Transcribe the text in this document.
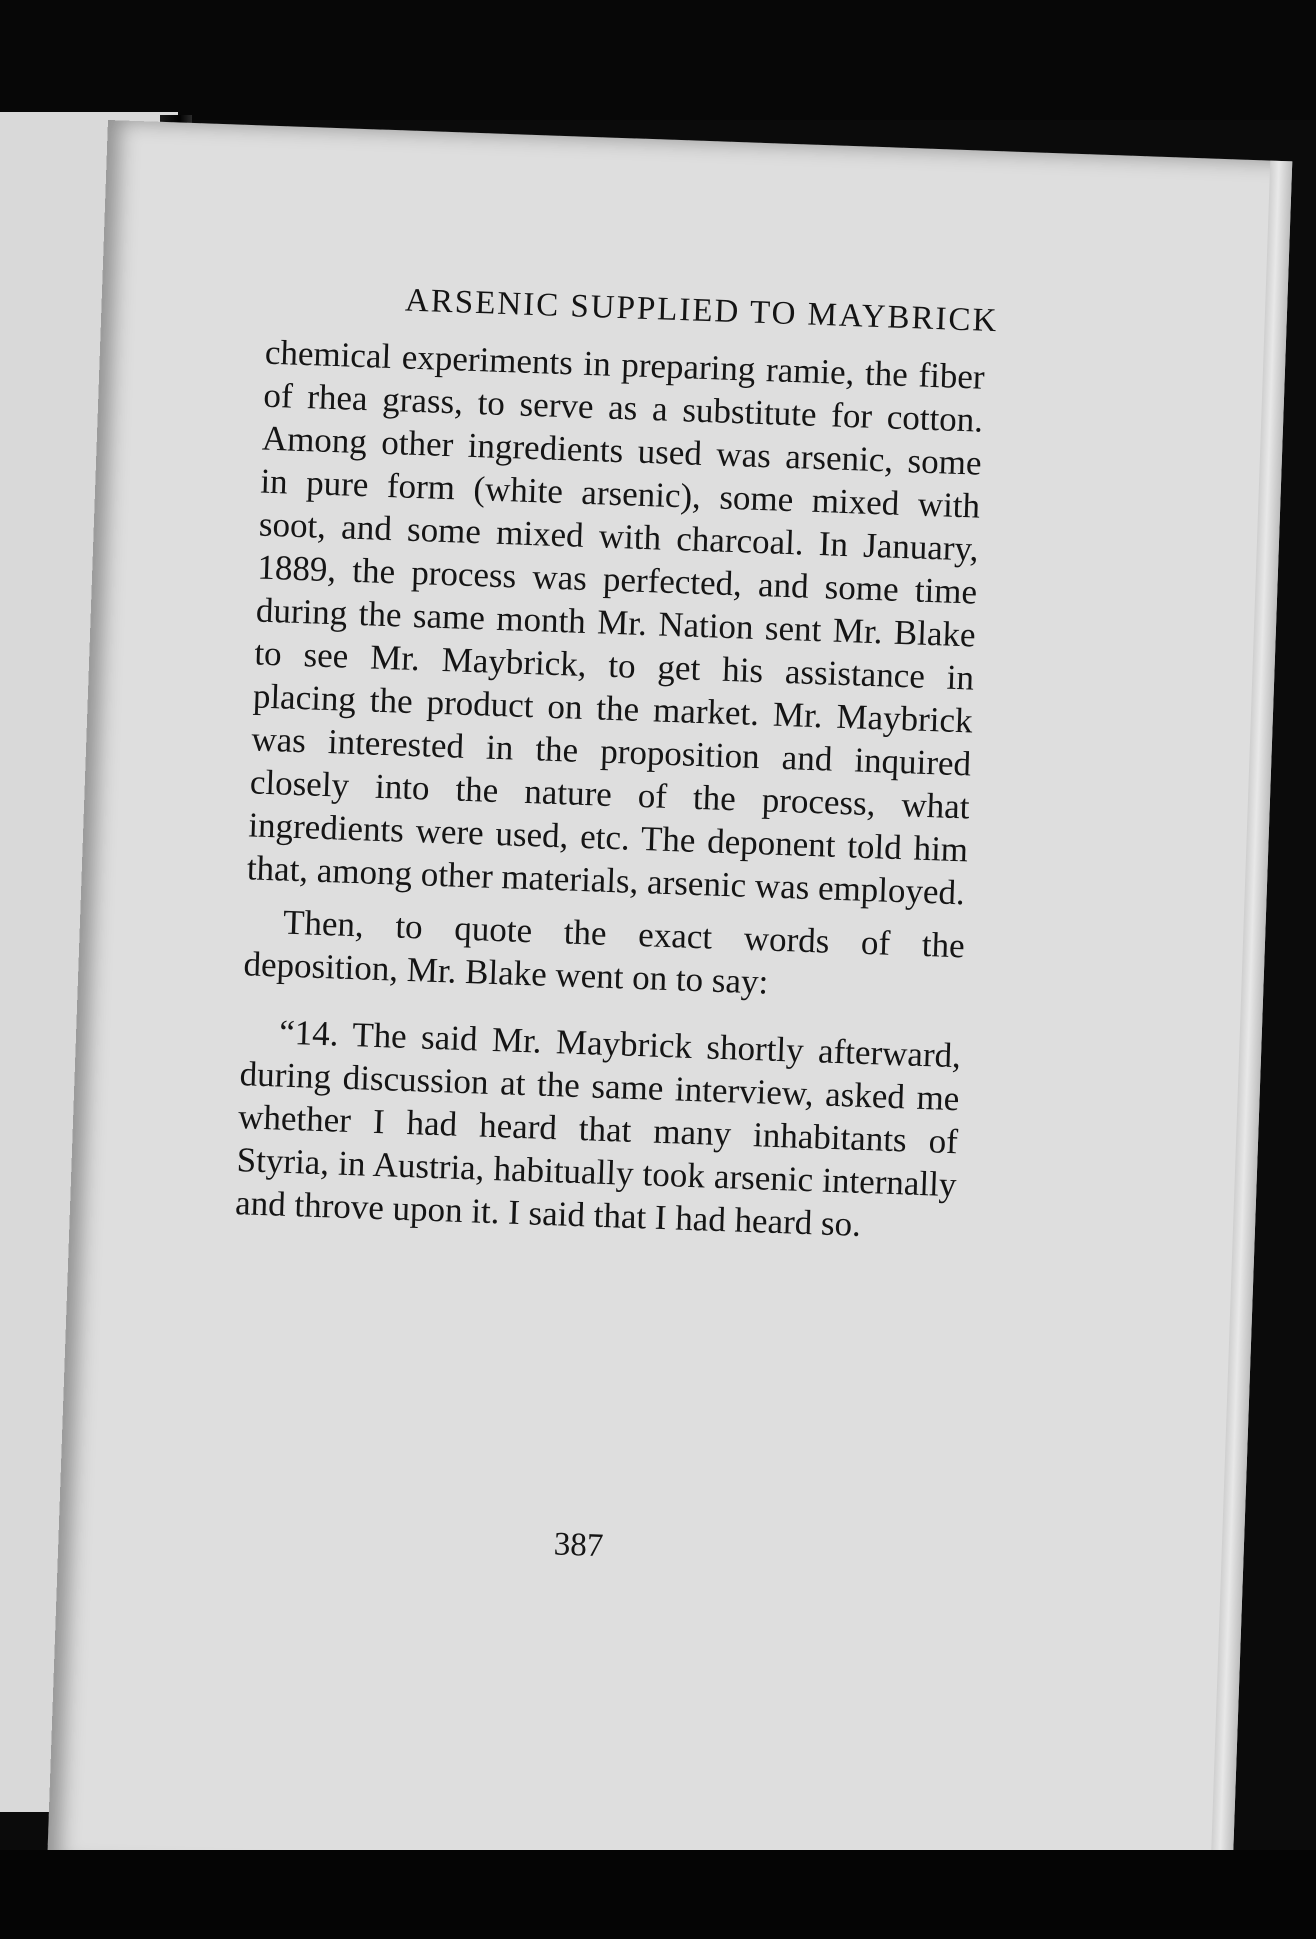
ARSENIC SUPPLIED TO MAYBRICK

chemical experiments in preparing ramie, the fiber of rhea grass, to serve as a substitute for cotton. Among other ingredients used was arsenic, some in pure form (white arsenic), some mixed with soot, and some mixed with charcoal. In January, 1889, the process was perfected, and some time during the same month Mr. Nation sent Mr. Blake to see Mr. Maybrick, to get his assistance in placing the product on the market. Mr. Maybrick was interested in the proposition and inquired closely into the nature of the process, what ingredients were used, etc. The deponent told him that, among other materials, arsenic was employed.

Then, to quote the exact words of the deposition, Mr. Blake went on to say:

“14. The said Mr. Maybrick shortly afterward, during discussion at the same interview, asked me whether I had heard that many inhabitants of Styria, in Austria, habitually took arsenic internally and throve upon it. I said that I had heard so.

387
